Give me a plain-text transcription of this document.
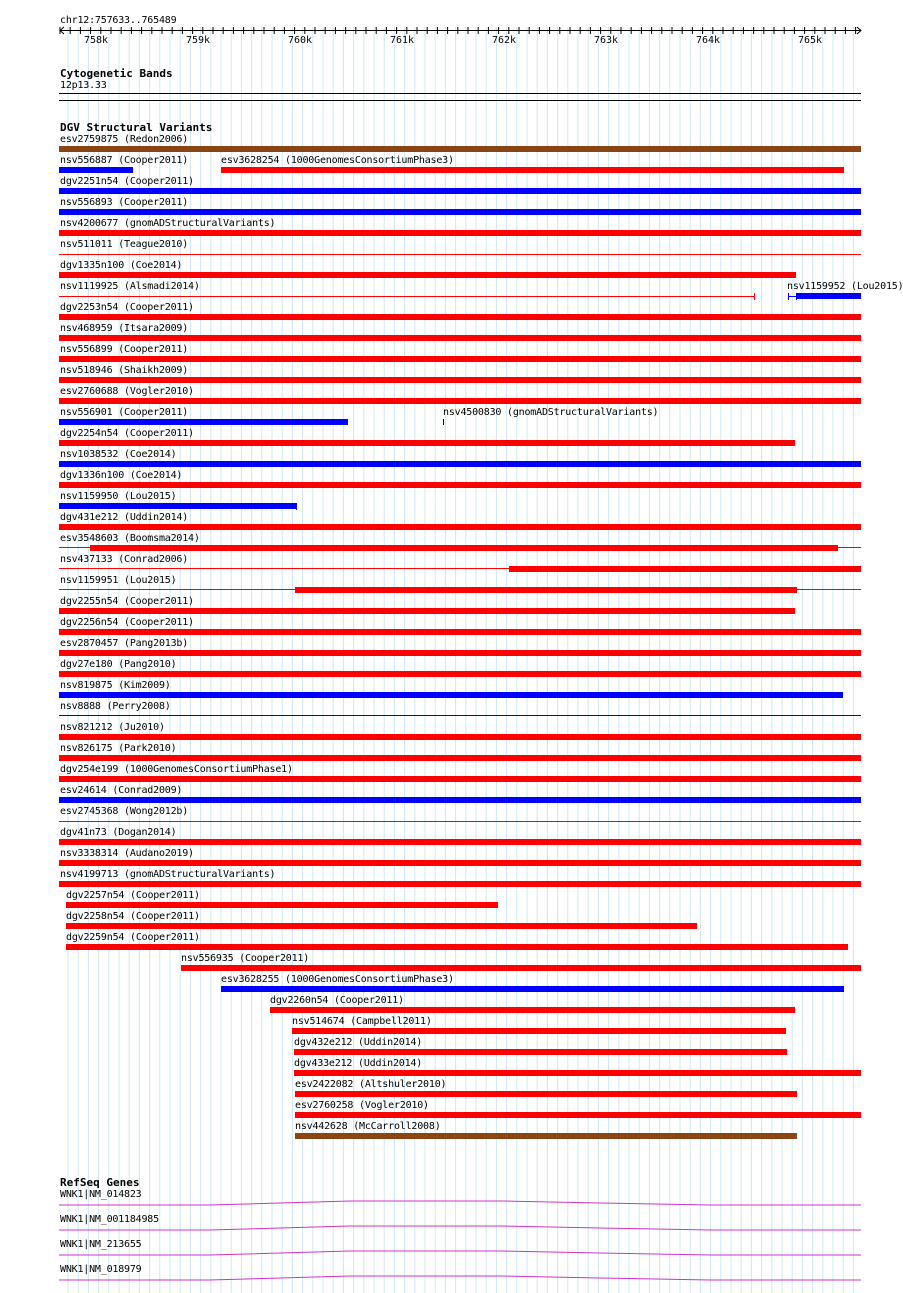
chr12:757633..765489
758k	759k	760k	761k	762k	763k	764k	765k
Cytogenetic Bands
12p13.33
DGV Structural Variants
esv2759875 (Redon2006)
nsv556887 (Cooper2011)	esv3628254 (1000GenomesConsortiumPhase3)
dgv2251n54 (Cooper2011)
nsv556893 (Cooper2011)
nsv4200677 (gnomADStructuralVariants)
nsv511011 (Teague2010)
dgv1335n100 (Coe2014)
nsv1119925 (Alsmadi2014)	nsv1159952 (Lou2015)
dgv2253n54 (Cooper2011)
nsv468959 (Itsara2009)
nsv556899 (Cooper2011)
nsv518946 (Shaikh2009)
esv2760688 (Vogler2010)
nsv556901 (Cooper2011)	nsv4500830 (gnomADStructuralVariants)
dgv2254n54 (Cooper2011)
nsv1038532 (Coe2014)
dgv1336n100 (Coe2014)
nsv1159950 (Lou2015)
dgv431e212 (Uddin2014)
esv3548603 (Boomsma2014)
nsv437133 (Conrad2006)
nsv1159951 (Lou2015)
dgv2255n54 (Cooper2011)
dgv2256n54 (Cooper2011)
esv2870457 (Pang2013b)
dgv27e180 (Pang2010)
nsv819875 (Kim2009)
nsv8888 (Perry2008)
nsv821212 (Ju2010)
nsv826175 (Park2010)
dgv254e199 (1000GenomesConsortiumPhase1)
esv24614 (Conrad2009)
esv2745368 (Wong2012b)
dgv41n73 (Dogan2014)
nsv3338314 (Audano2019)
nsv4199713 (gnomADStructuralVariants)
dgv2257n54 (Cooper2011)
dgv2258n54 (Cooper2011)
dgv2259n54 (Cooper2011)
nsv556935 (Cooper2011)
esv3628255 (1000GenomesConsortiumPhase3)
dgv2260n54 (Cooper2011)
nsv514674 (Campbell2011)
dgv432e212 (Uddin2014)
dgv433e212 (Uddin2014)
esv2422082 (Altshuler2010)
esv2760258 (Vogler2010)
nsv442628 (McCarroll2008)
RefSeq Genes
WNK1|NM_014823
WNK1|NM_001184985
WNK1|NM_213655
WNK1|NM_018979
